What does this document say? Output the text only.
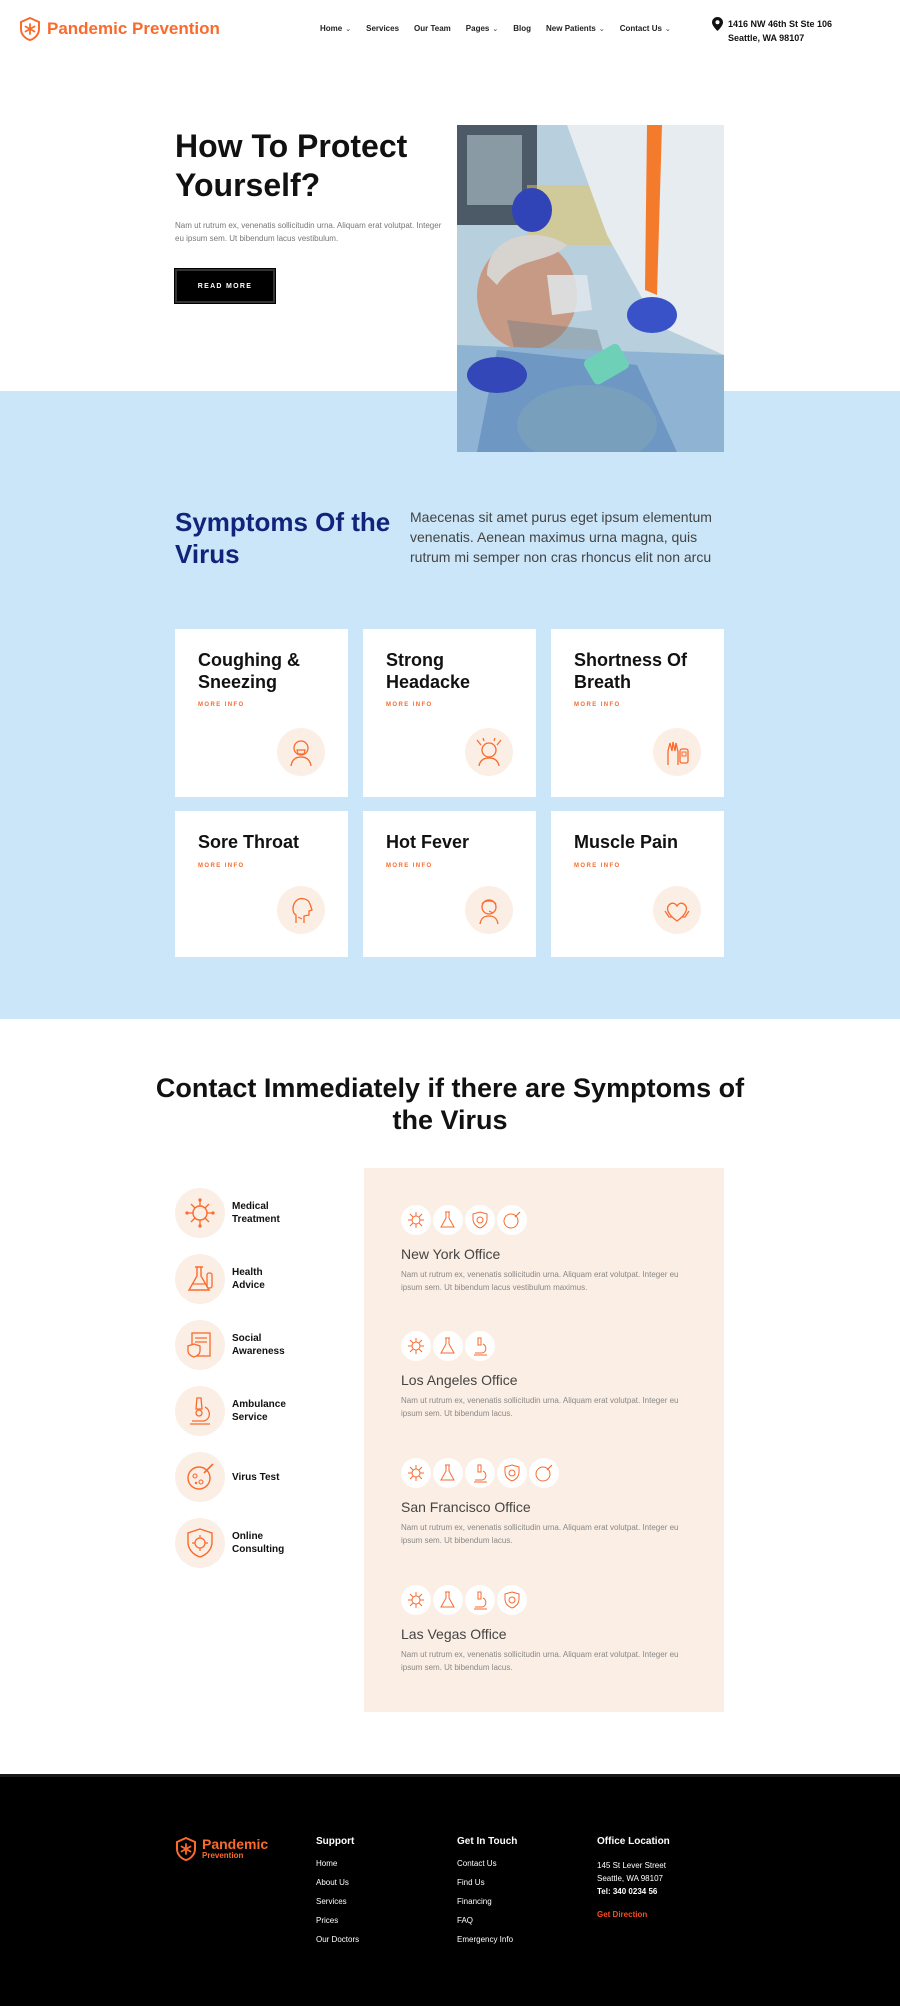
Pandemic Prevention	Home ⌄ Services Our Team Pages ⌄ Blog New Patients ⌄ Contact Us ⌄	1416 NW 46th St Ste 106
Seattle, WA 98107
How To Protect Yourself?

Nam ut rutrum ex, venenatis sollicitudin urna. Aliquam erat volutpat. Integer eu ipsum sem. Ut bibendum lacus vestibulum.

READ MORE
Symptoms Of the Virus

Maecenas sit amet purus eget ipsum elementum venenatis. Aenean maximus urna magna, quis rutrum mi semper non cras rhoncus elit non arcu

Coughing & Sneezing
MORE INFO
Strong Headacke
MORE INFO
Shortness Of Breath
MORE INFO
Sore Throat
MORE INFO
Hot Fever
MORE INFO
Muscle Pain
MORE INFO
Contact Immediately if there are Symptoms of the Virus
Medical Treatment
Health Advice
Social Awareness
Ambulance Service
Virus Test
Online Consulting
New York Office
Nam ut rutrum ex, venenatis sollicitudin urna. Aliquam erat volutpat. Integer eu ipsum sem. Ut bibendum lacus vestibulum maximus.
Los Angeles Office
Nam ut rutrum ex, venenatis sollicitudin urna. Aliquam erat volutpat. Integer eu ipsum sem. Ut bibendum lacus.
San Francisco Office
Nam ut rutrum ex, venenatis sollicitudin urna. Aliquam erat volutpat. Integer eu ipsum sem. Ut bibendum lacus.
Las Vegas Office
Nam ut rutrum ex, venenatis sollicitudin urna. Aliquam erat volutpat. Integer eu ipsum sem. Ut bibendum lacus.
Pandemic
Prevention
Support
Home
About Us
Services
Prices
Our Doctors
Get In Touch
Contact Us
Find Us
Financing
FAQ
Emergency Info
Office Location
145 St Lever Street
Seattle, WA 98107
Tel: 340 0234 56
Get Direction
